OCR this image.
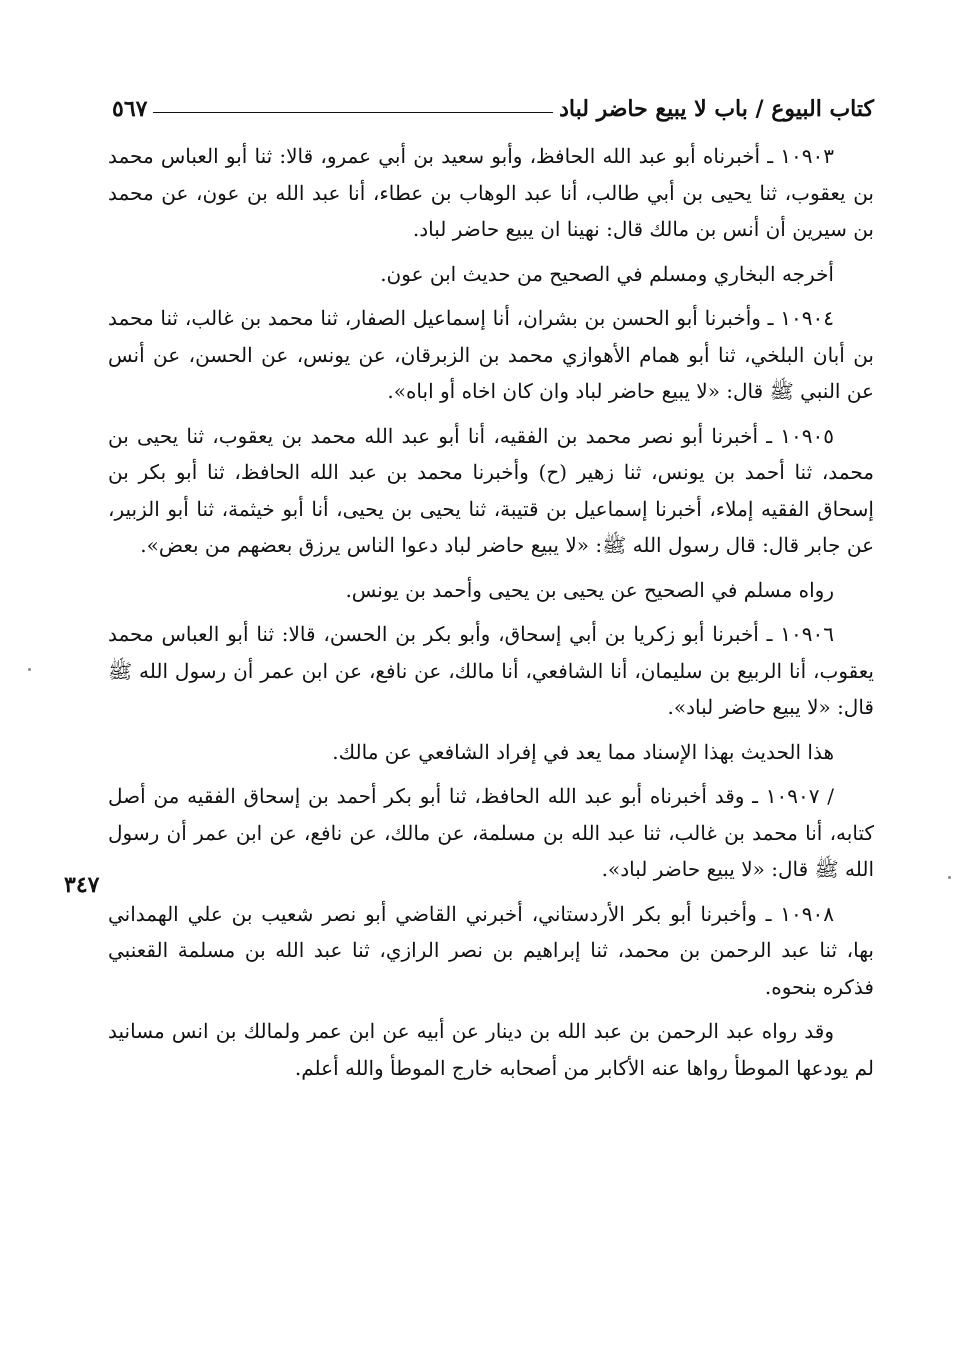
كتاب البيوع / باب لا يبيع حاضر لباد
٥٦٧
٣٤٧

١٠٩٠٣ ـ أخبرناه أبو عبد الله الحافظ، وأبو سعيد بن أبي عمرو، قالا: ثنا أبو العباس محمد بن يعقوب، ثنا يحيى بن أبي طالب، أنا عبد الوهاب بن عطاء، أنا عبد الله بن عون، عن محمد بن سيرين أن أنس بن مالك قال: نهينا ان يبيع حاضر لباد.

أخرجه البخاري ومسلم في الصحيح من حديث ابن عون.

١٠٩٠٤ ـ وأخبرنا أبو الحسن بن بشران، أنا إسماعيل الصفار، ثنا محمد بن غالب، ثنا محمد بن أبان البلخي، ثنا أبو همام الأهوازي محمد بن الزبرقان، عن يونس، عن الحسن، عن أنس عن النبي ﷺ قال: «لا يبيع حاضر لباد وان كان اخاه أو اباه».

١٠٩٠٥ ـ أخبرنا أبو نصر محمد بن الفقيه، أنا أبو عبد الله محمد بن يعقوب، ثنا يحيى بن محمد، ثنا أحمد بن يونس، ثنا زهير (ح) وأخبرنا محمد بن عبد الله الحافظ، ثنا أبو بكر بن إسحاق الفقيه إملاء، أخبرنا إسماعيل بن قتيبة، ثنا يحيى بن يحيى، أنا أبو خيثمة، ثنا أبو الزبير، عن جابر قال: قال رسول الله ﷺ: «لا يبيع حاضر لباد دعوا الناس يرزق بعضهم من بعض».

رواه مسلم في الصحيح عن يحيى بن يحيى وأحمد بن يونس.

١٠٩٠٦ ـ أخبرنا أبو زكريا بن أبي إسحاق، وأبو بكر بن الحسن، قالا: ثنا أبو العباس محمد يعقوب، أنا الربيع بن سليمان، أنا الشافعي، أنا مالك، عن نافع، عن ابن عمر أن رسول الله ﷺ قال: «لا يبيع حاضر لباد».

هذا الحديث بهذا الإسناد مما يعد في إفراد الشافعي عن مالك.

/ ١٠٩٠٧ ـ وقد أخبرناه أبو عبد الله الحافظ، ثنا أبو بكر أحمد بن إسحاق الفقيه من أصل كتابه، أنا محمد بن غالب، ثنا عبد الله بن مسلمة، عن مالك، عن نافع، عن ابن عمر أن رسول الله ﷺ قال: «لا يبيع حاضر لباد».

١٠٩٠٨ ـ وأخبرنا أبو بكر الأردستاني، أخبرني القاضي أبو نصر شعيب بن علي الهمداني بها، ثنا عبد الرحمن بن محمد، ثنا إبراهيم بن نصر الرازي، ثنا عبد الله بن مسلمة القعنبي فذكره بنحوه.

وقد رواه عبد الرحمن بن عبد الله بن دينار عن أبيه عن ابن عمر ولمالك بن انس مسانيد لم يودعها الموطأ رواها عنه الأكابر من أصحابه خارج الموطأ والله أعلم.
